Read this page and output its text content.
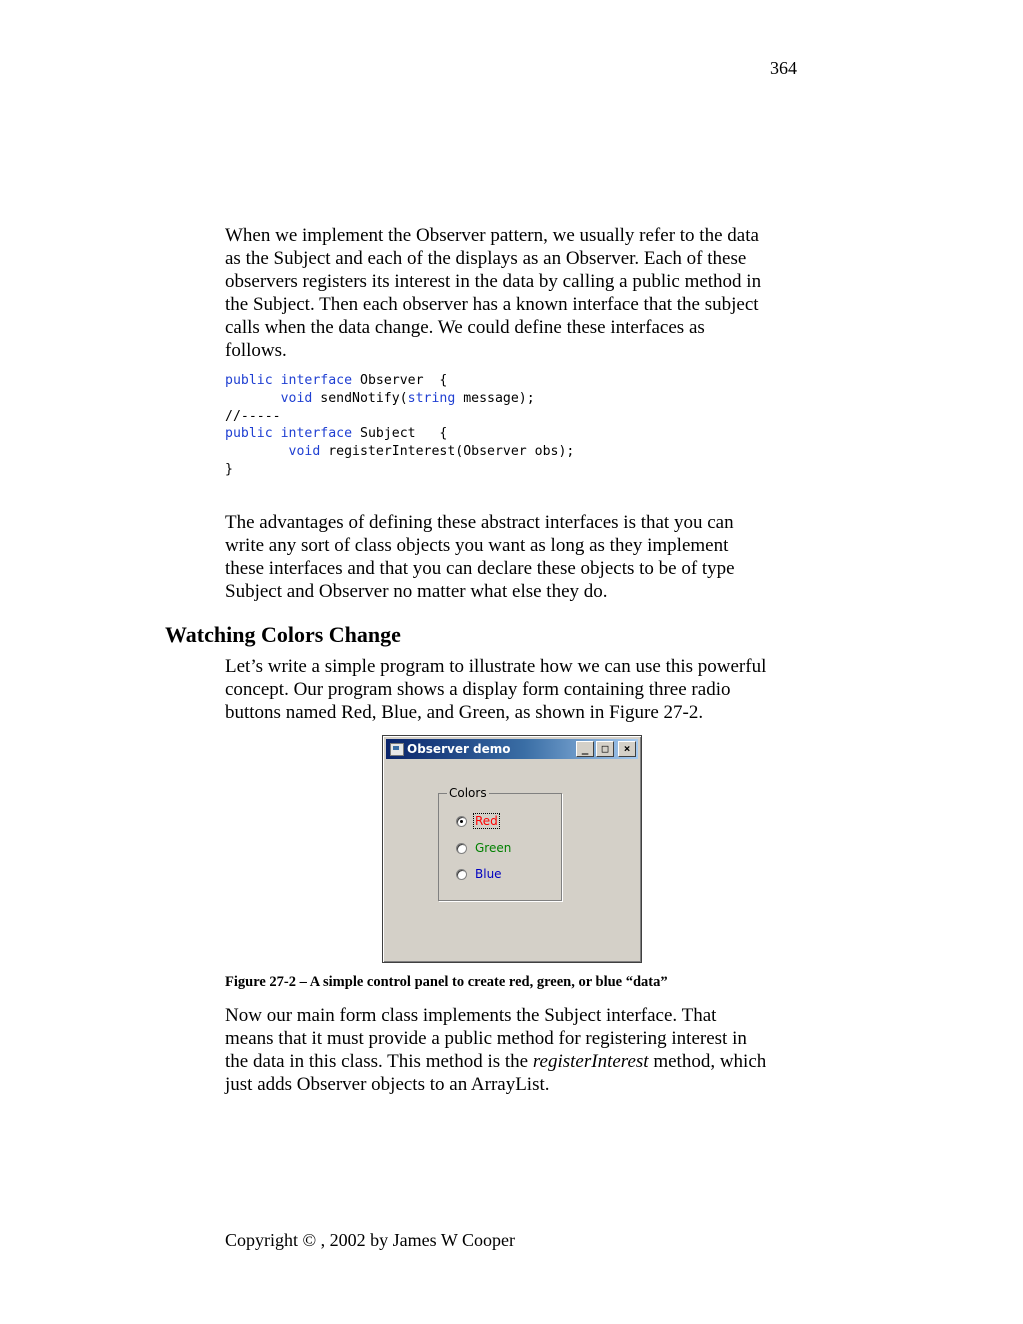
364

When we implement the Observer pattern, we usually refer to the data
as the Subject and each of the displays as an Observer. Each of these
observers registers its interest in the data by calling a public method in
the Subject. Then each observer has a known interface that the subject
calls when the data change. We could define these interfaces as
follows.

public interface Observer  {
void sendNotify(string message);
//-----
public interface Subject   {
void registerInterest(Observer obs);
}

The advantages of defining these abstract interfaces is that you can
write any sort of class objects you want as long as they implement
these interfaces and that you can declare these objects to be of type
Subject and Observer no matter what else they do.

Watching Colors Change

Let’s write a simple program to illustrate how we can use this powerful
concept. Our program shows a display form containing three radio
buttons named Red, Blue, and Green, as shown in Figure 27-2.

Observer demo	_	□	×
Colors
Red
Green
Blue
Figure 27-2 – A simple control panel to create red, green, or blue “data”

Now our main form class implements the Subject interface. That
means that it must provide a public method for registering interest in
the data in this class. This method is the registerInterest method, which
just adds Observer objects to an ArrayList.

Copyright © , 2002 by James W Cooper
